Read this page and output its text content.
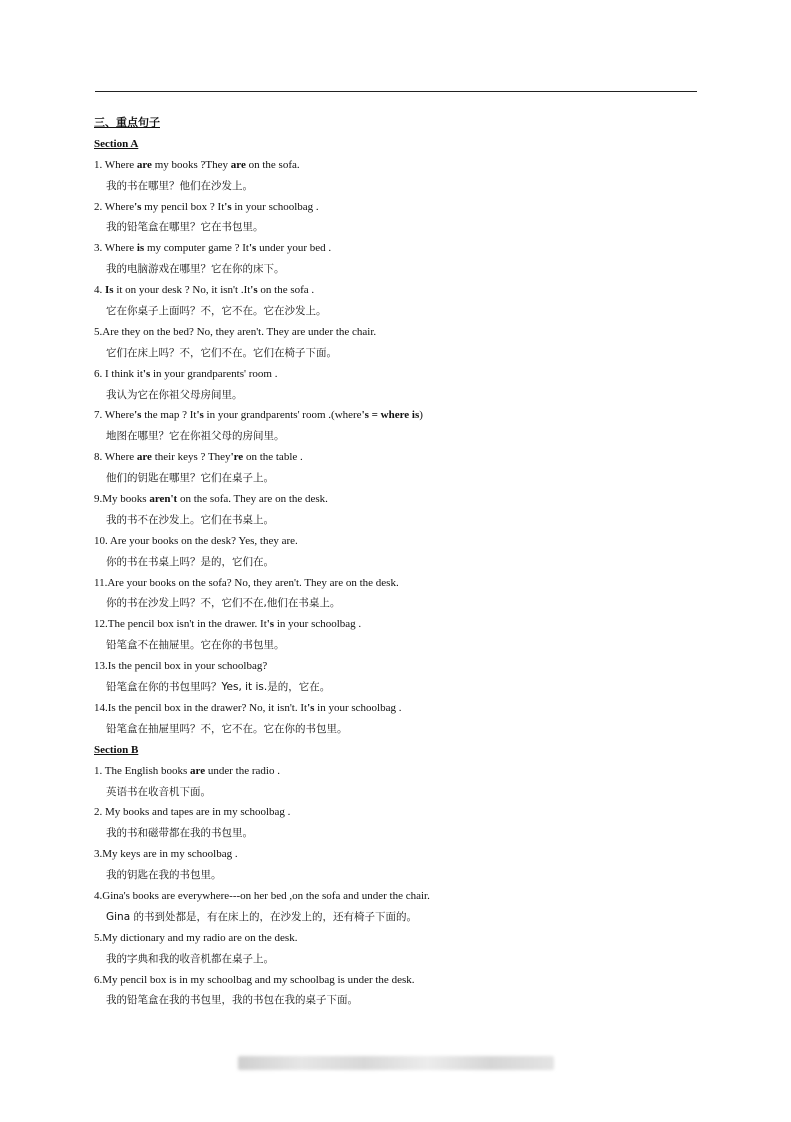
三、重点句子
Section A
1. Where are my books ?They are on the sofa.
我的书在哪里？他们在沙发上。
2. Where's my pencil box ? It's in your schoolbag .
我的铅笔盒在哪里？它在书包里。
3. Where is my computer game ? It's under your bed .
我的电脑游戏在哪里？它在你的床下。
4. Is it on your desk ? No, it isn't .It's on the sofa .
它在你桌子上面吗？不，它不在。它在沙发上。
5.Are they on the bed? No, they aren't. They are under the chair.
它们在床上吗？不，它们不在。它们在椅子下面。
6. I think it's in your grandparents' room .
我认为它在你祖父母房间里。
7. Where's the map ? It's in your grandparents' room .(where's = where is)
地图在哪里？它在你祖父母的房间里。
8. Where are their keys ? They're on the table .
他们的钥匙在哪里？它们在桌子上。
9.My books aren't on the sofa. They are on the desk.
我的书不在沙发上。它们在书桌上。
10. Are your books on the desk? Yes, they are.
你的书在书桌上吗？是的，它们在。
11.Are your books on the sofa? No, they aren't. They are on the desk.
你的书在沙发上吗？不，它们不在,他们在书桌上。
12.The pencil box isn't in the drawer. It's in your schoolbag .
铅笔盒不在抽屉里。它在你的书包里。
13.Is the pencil box in your schoolbag?
铅笔盒在你的书包里吗？Yes, it is.是的，它在。
14.Is the pencil box in the drawer? No, it isn't. It's in your schoolbag .
铅笔盒在抽屉里吗？不，它不在。它在你的书包里。
Section B
1. The English books are under the radio .
英语书在收音机下面。
2. My books and tapes are in my schoolbag .
我的书和磁带都在我的书包里。
3.My keys are in my schoolbag .
我的钥匙在我的书包里。
4.Gina's books are everywhere---on her bed ,on the sofa and under the chair.
Gina 的书到处都是，有在床上的，在沙发上的，还有椅子下面的。
5.My dictionary and my radio are on the desk.
我的字典和我的收音机都在桌子上。
6.My pencil box is in my schoolbag and my schoolbag is under the desk.
我的铅笔盒在我的书包里，我的书包在我的桌子下面。
